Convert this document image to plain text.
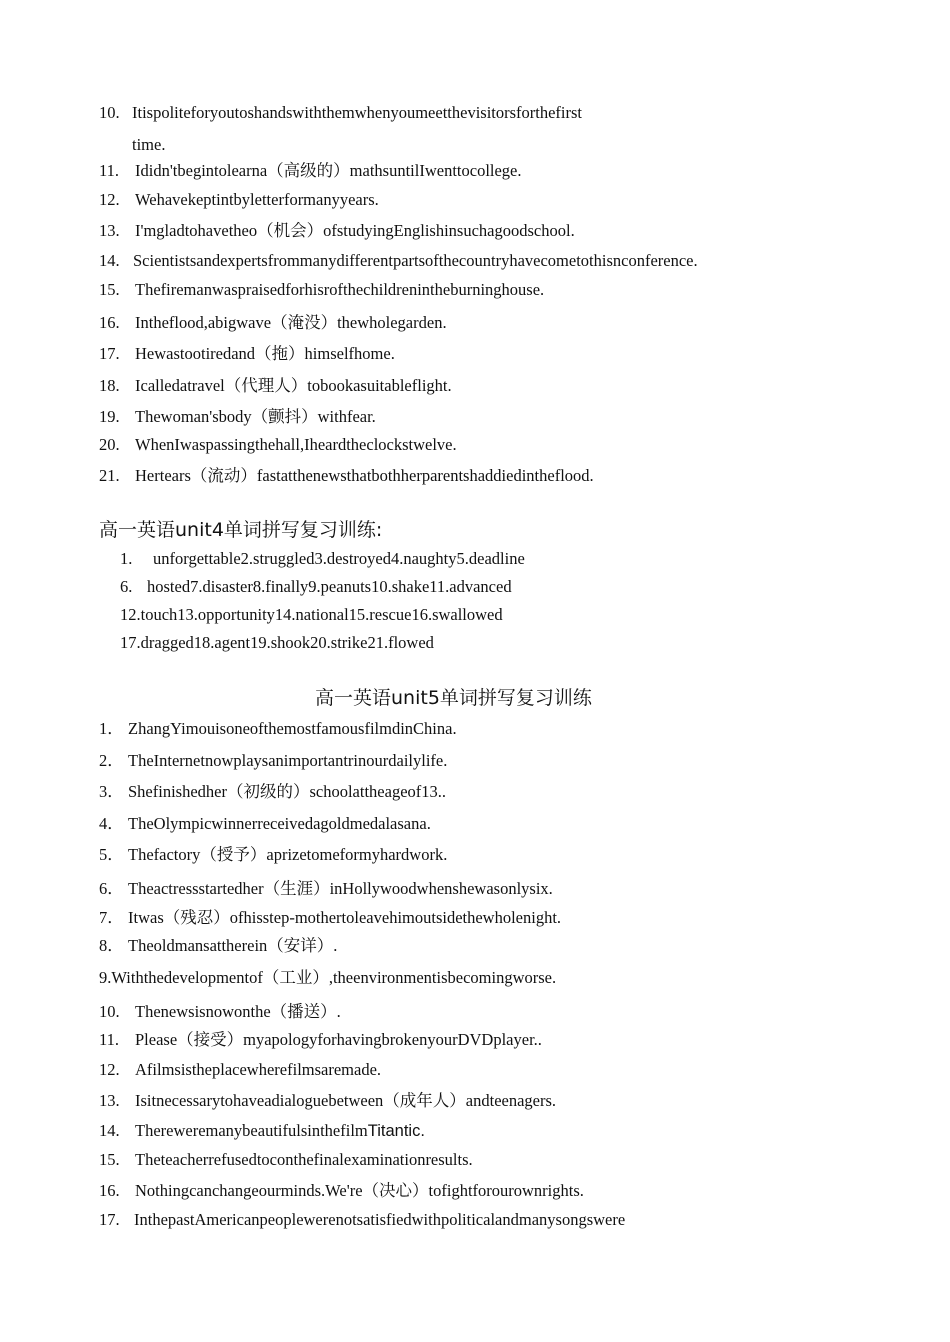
10. Itispoliteforyoutoshandswiththemwhenyoumeetthevisitorsforthefirst
time.
11. Ididn'tbegintolearna（高级的）mathsuntilIwenttocollege.
12. Wehavekeptintbyletterformanyyears.
13. I'mgladtohavetheo（机会）ofstudyingEnglishinsuchagoodschool.
14. Scientistsandexpertsfrommanydifferentpartsofthecountryhavecometothisnconference.
15. Thefiremanwaspraisedforhisrofthechildrenintheburninghouse.
16. Intheflood,abigwave（淹没）thewholegarden.
17. Hewastootiredand（拖）himselfhome.
18. Icalledatravel（代理人）tobookasuitableflight.
19. Thewoman'sbody（颤抖）withfear.
20. WhenIwaspassingthehall,Iheardtheclockstwelve.
21. Hertears（流动）fastatthenewsthatbothherparentshaddiedintheflood.
高一英语unit4单词拼写复习训练:
1. unforgettable2.struggled3.destroyed4.naughty5.deadline
6. hosted7.disaster8.finally9.peanuts10.shake11.advanced
12.touch13.opportunity14.national15.rescue16.swallowed
17.dragged18.agent19.shook20.strike21.flowed
高一英语unit5单词拼写复习训练
1． ZhangYimouisoneofthemostfamousfilmdinChina.
2． TheInternetnowplaysanimportantrinourdailylife.
3． Shefinishedher（初级的）schoolattheageof13..
4． TheOlympicwinnerreceivedagoldmedalasana.
5． Thefactory（授予）aprizetomeformyhardwork.
6． Theactressstartedher（生涯）inHollywoodwhenshewasonlysix.
7． Itwas（残忍）ofhisstep-mothertoleavehimoutsidethewholenight.
8． Theoldmansattherein（安详）.
9.Withthedevelopmentof（工业）,theenvironmentisbecomingworse.
10. Thenewsisnowonthe（播送）.
11. Please（接受）myapologyforhavingbrokenyourDVDplayer..
12. Afilmsistheplacewherefilmsaremade.
13. Isitnecessarytohaveadialoguebetween（成年人）andteenagers.
14. ThereweremanybeautifulsinthefilmTitantic.
15. Theteacherrefusedtoconthefinalexaminationresults.
16. Nothingcanchangeourminds.We're（决心）tofightforourownrights.
17. InthepastAmericanpeoplewerenotsatisfiedwithpoliticalandmanysongswere
